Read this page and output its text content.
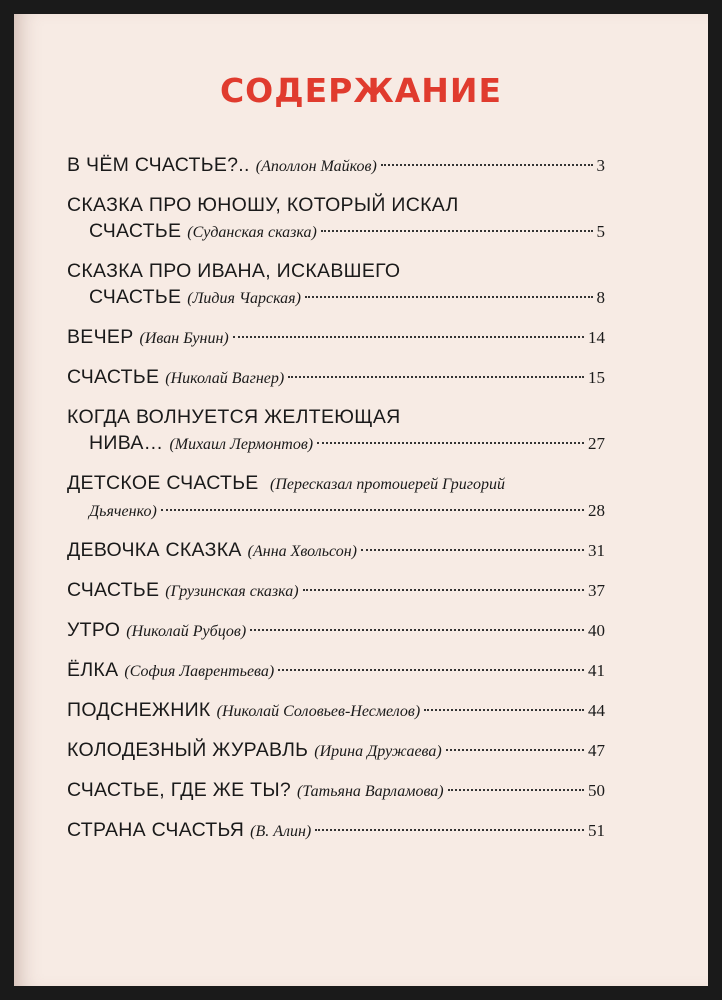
СОДЕРЖАНИЕ
В ЧЁМ СЧАСТЬЕ?.. (Аполлон Майков)	3
СКАЗКА ПРО ЮНОШУ, КОТОРЫЙ ИСКАЛ
СЧАСТЬЕ (Суданская сказка)	5
СКАЗКА ПРО ИВАНА, ИСКАВШЕГО
СЧАСТЬЕ (Лидия Чарская)	8
ВЕЧЕР (Иван Бунин)	14
СЧАСТЬЕ (Николай Вагнер)	15
КОГДА ВОЛНУЕТСЯ ЖЕЛТЕЮЩАЯ
НИВА… (Михаил Лермонтов)	27
ДЕТСКОЕ СЧАСТЬЕ (Пересказал протоиерей Григорий
Дьяченко)	28
ДЕВОЧКА СКАЗКА (Анна Хвольсон)	31
СЧАСТЬЕ (Грузинская сказка)	37
УТРО (Николай Рубцов)	40
ЁЛКА (София Лаврентьева)	41
ПОДСНЕЖНИК (Николай Соловьев-Несмелов)	44
КОЛОДЕЗНЫЙ ЖУРАВЛЬ (Ирина Дружаева)	47
СЧАСТЬЕ, ГДЕ ЖЕ ТЫ? (Татьяна Варламова)	50
СТРАНА СЧАСТЬЯ (В. Алин)	51
